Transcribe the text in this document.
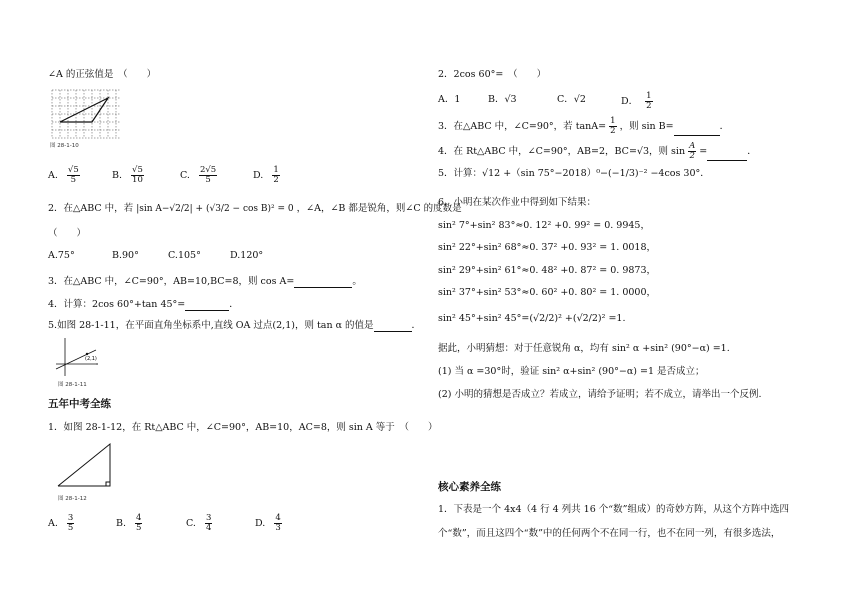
∠A 的正弦值是　（　　）
图 28-1-10
A. $\frac{√5}{5}$	B. $\frac{√5}{10}$	C. $\frac{2√5}{5}$	D. $\frac{1}{2}$
2．在△ABC 中，若 |sin A−√2/2| + (√3/2 − cos B)² = 0 ，∠A，∠B 都是锐角，则∠C 的度数是
（　　）
A.75°	B.90°	C.105°	D.120°
3．在△ABC 中，∠C=90°，AB=10,BC=8，则 cos A=	。
4．计算：2cos 60°+tan 45°=	．
5.如图 28-1-11，在平面直角坐标系中,直线 OA 过点(2,1)，则 tan α 的值是	．
(2,1)
图 28-1-11
五年中考全练
1．如图 28-1-12，在 Rt△ABC 中，∠C=90°，AB=10，AC=8，则 sin A 等于　（　　）
图 28-1-12
A. $\frac{3}{5}$	B. $\frac{4}{5}$	C. $\frac{3}{4}$	D. $\frac{4}{3}$
2．2cos 60°=　（　　）
A．1	B．√3	C．√2	D． $\frac{1}{2}$
3．在△ABC 中，∠C=90°，若 $\tan A= \frac{1}{2}$ ，则 sin B=	．
4．在 Rt△ABC 中，∠C=90°，AB=2，BC=√3，则 $\sin \frac{A}{2}$ =	．
5．计算：√12 +（sin 75°−2018）⁰−(−1/3)⁻² −4cos 30°．
6．小明在某次作业中得到如下结果：
sin² 7°+sin² 83°≈0. 12² +0. 99² = 0. 9945，
sin² 22°+sin² 68°≈0. 37² +0. 93² = 1. 0018，
sin² 29°+sin² 61°≈0. 48² +0. 87² = 0. 9873，
sin² 37°+sin² 53°≈0. 60² +0. 80² = 1. 0000，
sin² 45°+sin² 45°=(√2/2)² +(√2/2)² =1.
据此，小明猜想：对于任意锐角 α，均有 sin² α +sin² (90°−α) =1.
(1) 当 α =30°时，验证 sin² α+sin² (90°−α) =1 是否成立；
(2) 小明的猜想是否成立？若成立，请给予证明；若不成立，请举出一个反例.
核心素养全练
1．下表是一个 4x4（4 行 4 列共 16 个“数”组成）的奇妙方阵，从这个方阵中选四
个“数”，而且这四个“数”中的任何两个不在同一行，也不在同一列，有很多选法，
